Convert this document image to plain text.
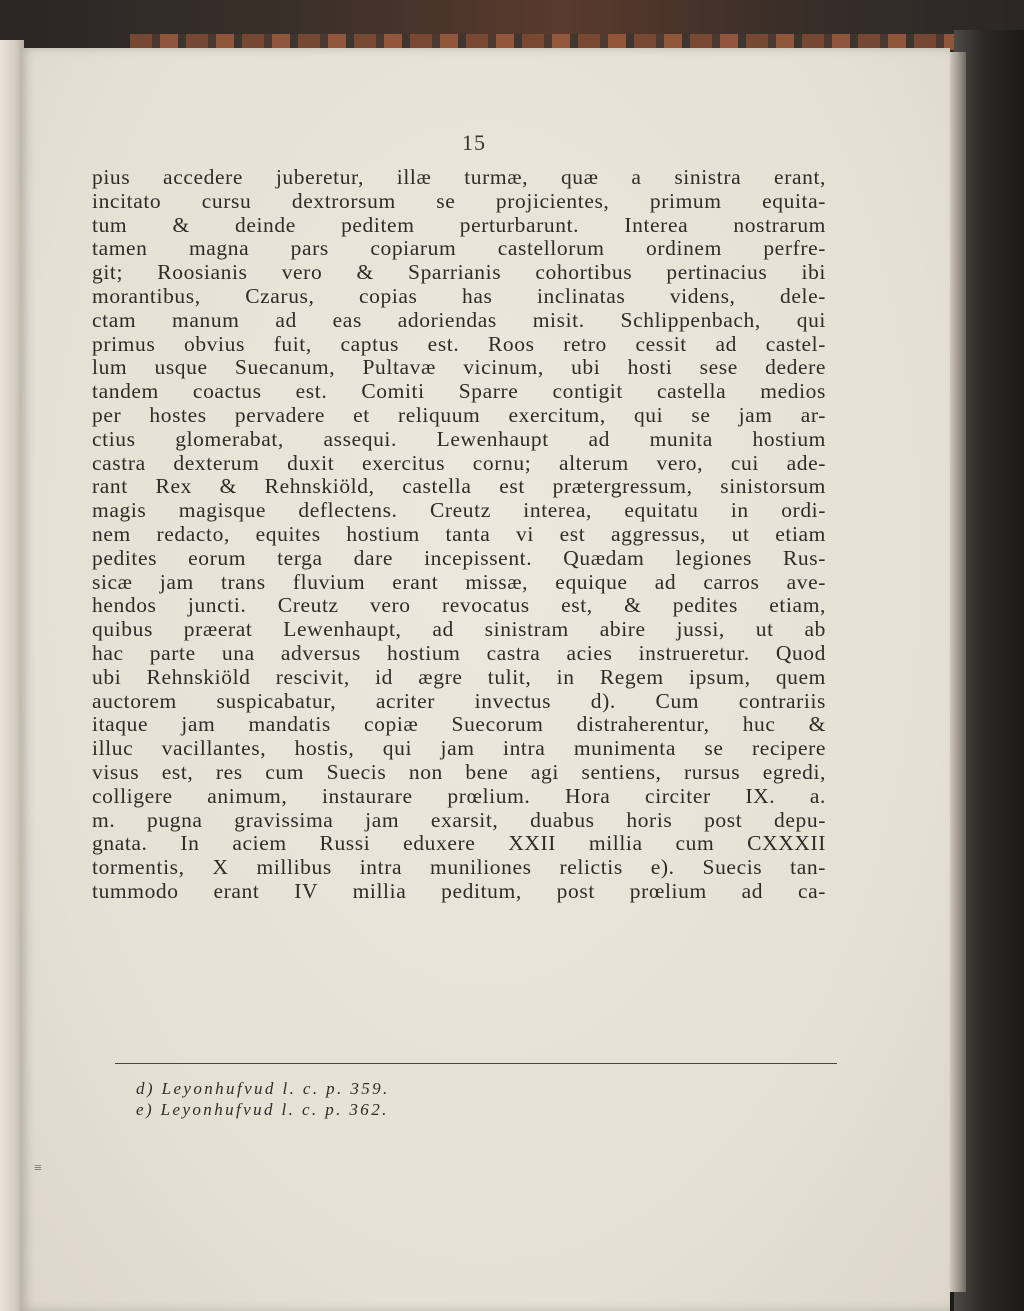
15
pius accedere juberetur, illæ turmæ, quæ a sinistra erant,
incitato cursu dextrorsum se projicientes, primum equita-
tum & deinde peditem perturbarunt. Interea nostrarum
tamen magna pars copiarum castellorum ordinem perfre-
git; Roosianis vero & Sparrianis cohortibus pertinacius ibi
morantibus, Czarus, copias has inclinatas videns, dele-
ctam manum ad eas adoriendas misit. Schlippenbach, qui
primus obvius fuit, captus est. Roos retro cessit ad castel-
lum usque Suecanum, Pultavæ vicinum, ubi hosti sese dedere
tandem coactus est. Comiti Sparre contigit castella medios
per hostes pervadere et reliquum exercitum, qui se jam ar-
ctius glomerabat, assequi. Lewenhaupt ad munita hostium
castra dexterum duxit exercitus cornu; alterum vero, cui ade-
rant Rex & Rehnskiöld, castella est prætergressum, sinistorsum
magis magisque deflectens. Creutz interea, equitatu in ordi-
nem redacto, equites hostium tanta vi est aggressus, ut etiam
pedites eorum terga dare incepissent. Quædam legiones Rus-
sicæ jam trans fluvium erant missæ, equique ad carros ave-
hendos juncti. Creutz vero revocatus est, & pedites etiam,
quibus præerat Lewenhaupt, ad sinistram abire jussi, ut ab
hac parte una adversus hostium castra acies instrueretur. Quod
ubi Rehnskiöld rescivit, id ægre tulit, in Regem ipsum, quem
auctorem suspicabatur, acriter invectus d). Cum contrariis
itaque jam mandatis copiæ Suecorum distraherentur, huc &
illuc vacillantes, hostis, qui jam intra munimenta se recipere
visus est, res cum Suecis non bene agi sentiens, rursus egredi,
colligere animum, instaurare prœlium. Hora circiter IX. a.
m. pugna gravissima jam exarsit, duabus horis post depu-
gnata. In aciem Russi eduxere XXII millia cum CXXXII
tormentis, X millibus intra muniliones relictis e). Suecis tan-
tummodo erant IV millia peditum, post prœlium ad ca-
d) Leyonhufvud l. c. p. 359.
e) Leyonhufvud l. c. p. 362.
≡
